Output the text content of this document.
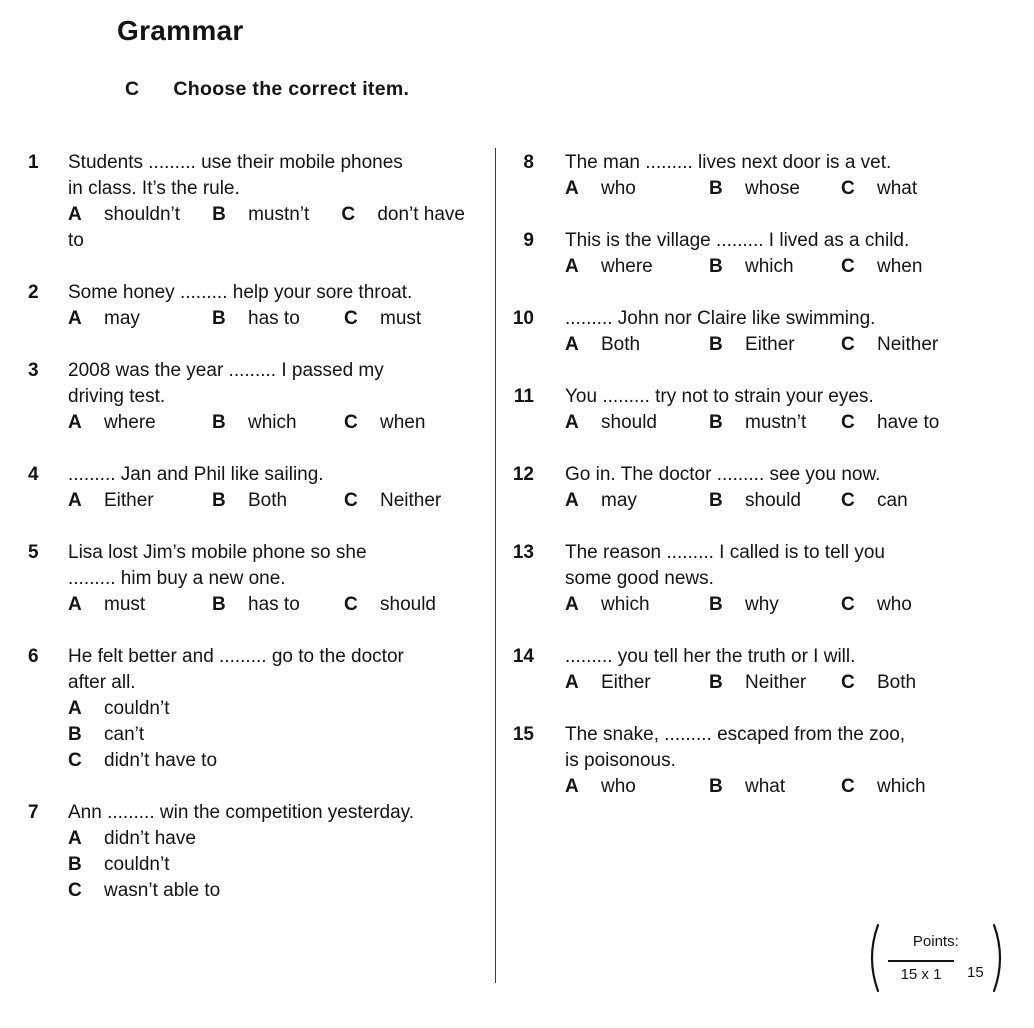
Grammar
C Choose the correct item.
1	Students ......... use their mobile phones
in class. It’s the rule.
A shouldn’t B mustn’t C don’t have to
2	Some honey ......... help your sore throat.
A may	B has to	C must
3	2008 was the year ......... I passed my
driving test.
A where	B which	C when
4	......... Jan and Phil like sailing.
A Either	B Both	C Neither
5	Lisa lost Jim’s mobile phone so she
......... him buy a new one.
A must	B has to	C should
6	He felt better and ......... go to the doctor
after all.
A couldn’t
B can’t
C didn’t have to
7	Ann ......... win the competition yesterday.
A didn’t have
B couldn’t
C wasn’t able to
8	The man ......... lives next door is a vet.
A who	B whose	C what
9	This is the village ......... I lived as a child.
A where	B which	C when
10	......... John nor Claire like swimming.
A Both	B Either	C Neither
11	You ......... try not to strain your eyes.
A should	B mustn’t	C have to
12	Go in. The doctor ......... see you now.
A may	B should	C can
13	The reason ......... I called is to tell you
some good news.
A which	B why	C who
14	......... you tell her the truth or I will.
A Either	B Neither	C Both
15	The snake, ......... escaped from the zoo,
is poisonous.
A who	B what	C which
Points:
15 x 1	15
